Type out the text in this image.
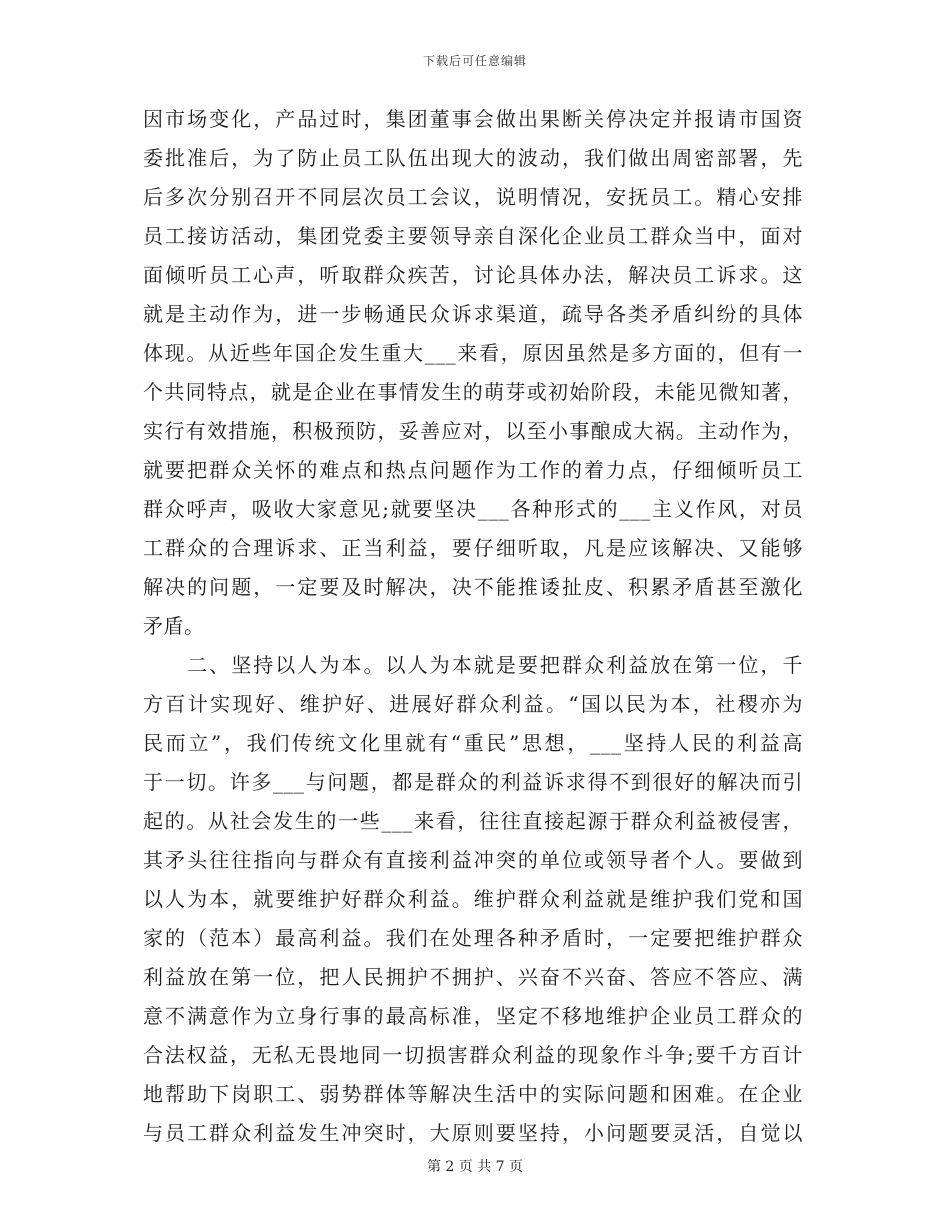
下载后可任意编辑
因市场变化，产品过时，集团董事会做出果断关停决定并报请市国资
委批准后，为了防止员工队伍出现大的波动，我们做出周密部署，先
后多次分别召开不同层次员工会议，说明情况，安抚员工。精心安排
员工接访活动，集团党委主要领导亲自深化企业员工群众当中，面对
面倾听员工心声，听取群众疾苦，讨论具体办法，解决员工诉求。这
就是主动作为，进一步畅通民众诉求渠道，疏导各类矛盾纠纷的具体
体现。从近些年国企发生重大___来看，原因虽然是多方面的，但有一
个共同特点，就是企业在事情发生的萌芽或初始阶段，未能见微知著，
实行有效措施，积极预防，妥善应对，以至小事酿成大祸。主动作为，
就要把群众关怀的难点和热点问题作为工作的着力点，仔细倾听员工
群众呼声，吸收大家意见;就要坚决___各种形式的___主义作风，对员
工群众的合理诉求、正当利益，要仔细听取，凡是应该解决、又能够
解决的问题，一定要及时解决，决不能推诿扯皮、积累矛盾甚至激化
矛盾。
　　二、坚持以人为本。以人为本就是要把群众利益放在第一位，千
方百计实现好、维护好、进展好群众利益。“国以民为本，社稷亦为
民而立”，我们传统文化里就有“重民”思想，___坚持人民的利益高
于一切。许多___与问题，都是群众的利益诉求得不到很好的解决而引
起的。从社会发生的一些___来看，往往直接起源于群众利益被侵害，
其矛头往往指向与群众有直接利益冲突的单位或领导者个人。要做到
以人为本，就要维护好群众利益。维护群众利益就是维护我们党和国
家的（范本）最高利益。我们在处理各种矛盾时，一定要把维护群众
利益放在第一位，把人民拥护不拥护、兴奋不兴奋、答应不答应、满
意不满意作为立身行事的最高标准，坚定不移地维护企业员工群众的
合法权益，无私无畏地同一切损害群众利益的现象作斗争;要千方百计
地帮助下岗职工、弱势群体等解决生活中的实际问题和困难。在企业
与员工群众利益发生冲突时，大原则要坚持，小问题要灵活，自觉以
第 2 页 共 7 页
